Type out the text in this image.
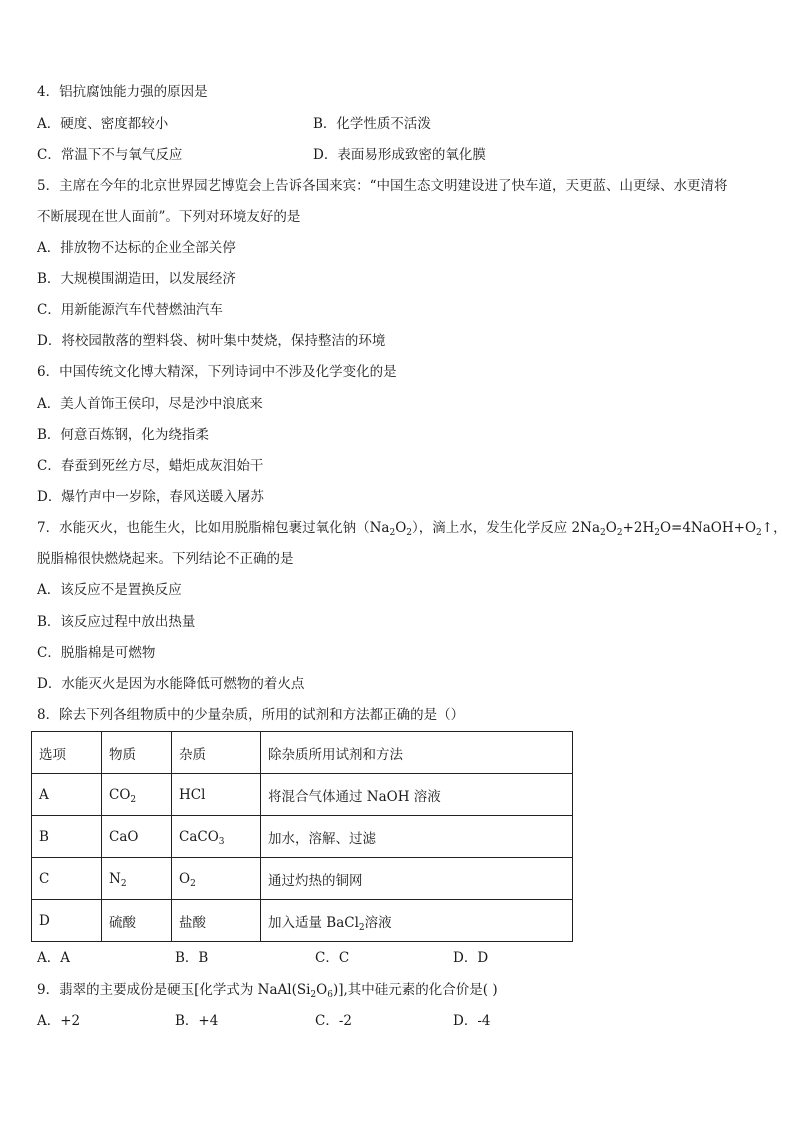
4．铝抗腐蚀能力强的原因是
A．硬度、密度都较小	B．化学性质不活泼
C．常温下不与氧气反应	D．表面易形成致密的氧化膜
5．主席在今年的北京世界园艺博览会上告诉各国来宾：“中国生态文明建设进了快车道，天更蓝、山更绿、水更清将
不断展现在世人面前”。下列对环境友好的是
A．排放物不达标的企业全部关停
B．大规模围湖造田，以发展经济
C．用新能源汽车代替燃油汽车
D．将校园散落的塑料袋、树叶集中焚烧，保持整洁的环境
6．中国传统文化博大精深，下列诗词中不涉及化学变化的是
A．美人首饰王侯印，尽是沙中浪底来
B．何意百炼钢，化为绕指柔
C．春蚕到死丝方尽，蜡炬成灰泪始干
D．爆竹声中一岁除，春风送暖入屠苏
7．水能灭火，也能生火，比如用脱脂棉包裹过氧化钠$(Na_2O_2)$，滴上水，发生化学反应 $2Na_2O_2+2H_2O=4NaOH+O_2↑$，
脱脂棉很快燃烧起来。下列结论不正确的是
A．该反应不是置换反应
B．该反应过程中放出热量
C．脱脂棉是可燃物
D．水能灭火是因为水能降低可燃物的着火点
8．除去下列各组物质中的少量杂质，所用的试剂和方法都正确的是（）
选项	物质	杂质	除杂质所用试剂和方法
A	$CO_2$	HCl	将混合气体通过 NaOH 溶液
B	CaO	CaCO$_3$	加水，溶解、过滤
C	$N_2$	$O_2$	通过灼热的铜网
D	硫酸	盐酸	加入适量 BaCl$_2$溶液
A．A	B．B	C．C	D．D
9．翡翠的主要成份是硬玉[化学式为 $NaAl(Si_2O_6)$],其中硅元素的化合价是( )
A．+2	B．+4	C．-2	D．-4
